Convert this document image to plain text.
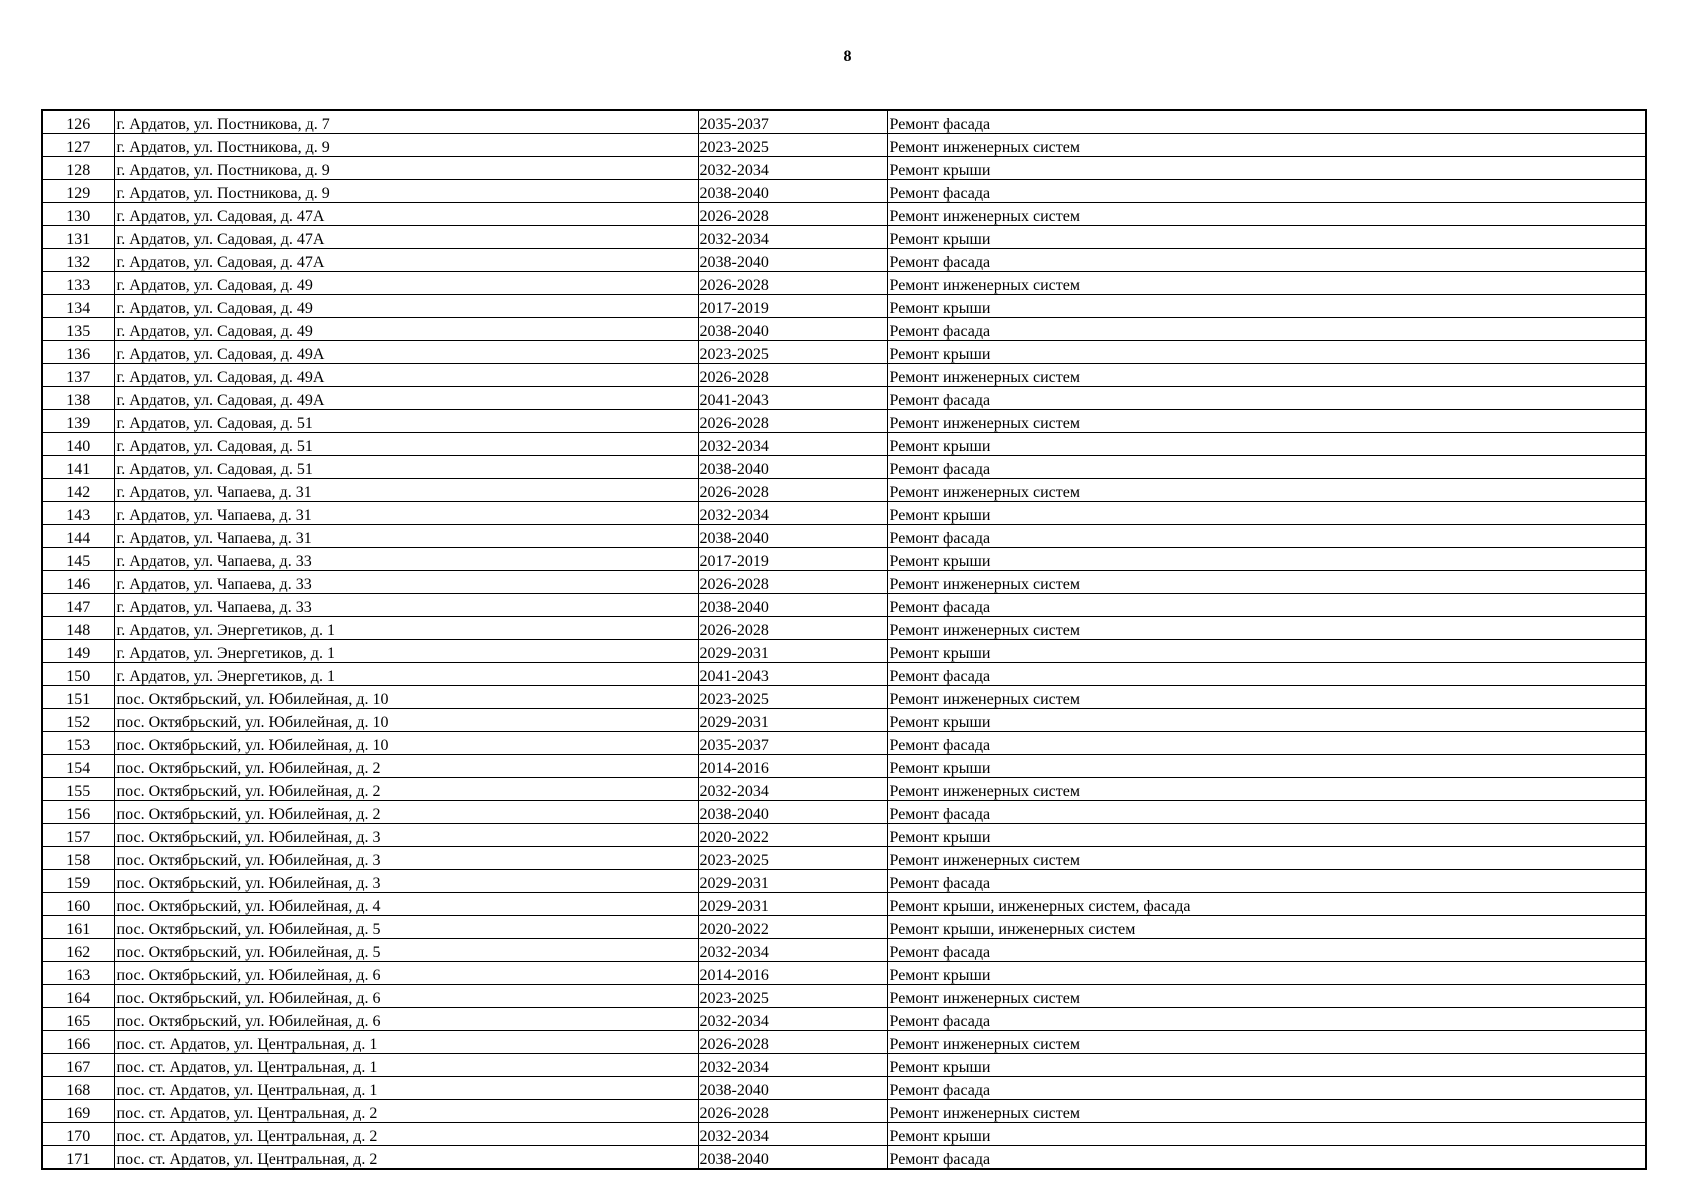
8
126	г. Ардатов, ул. Постникова, д. 7	2035-2037	Ремонт фасада
127	г. Ардатов, ул. Постникова, д. 9	2023-2025	Ремонт инженерных систем
128	г. Ардатов, ул. Постникова, д. 9	2032-2034	Ремонт крыши
129	г. Ардатов, ул. Постникова, д. 9	2038-2040	Ремонт фасада
130	г. Ардатов, ул. Садовая, д. 47А	2026-2028	Ремонт инженерных систем
131	г. Ардатов, ул. Садовая, д. 47А	2032-2034	Ремонт крыши
132	г. Ардатов, ул. Садовая, д. 47А	2038-2040	Ремонт фасада
133	г. Ардатов, ул. Садовая, д. 49	2026-2028	Ремонт инженерных систем
134	г. Ардатов, ул. Садовая, д. 49	2017-2019	Ремонт крыши
135	г. Ардатов, ул. Садовая, д. 49	2038-2040	Ремонт фасада
136	г. Ардатов, ул. Садовая, д. 49А	2023-2025	Ремонт крыши
137	г. Ардатов, ул. Садовая, д. 49А	2026-2028	Ремонт инженерных систем
138	г. Ардатов, ул. Садовая, д. 49А	2041-2043	Ремонт фасада
139	г. Ардатов, ул. Садовая, д. 51	2026-2028	Ремонт инженерных систем
140	г. Ардатов, ул. Садовая, д. 51	2032-2034	Ремонт крыши
141	г. Ардатов, ул. Садовая, д. 51	2038-2040	Ремонт фасада
142	г. Ардатов, ул. Чапаева, д. 31	2026-2028	Ремонт инженерных систем
143	г. Ардатов, ул. Чапаева, д. 31	2032-2034	Ремонт крыши
144	г. Ардатов, ул. Чапаева, д. 31	2038-2040	Ремонт фасада
145	г. Ардатов, ул. Чапаева, д. 33	2017-2019	Ремонт крыши
146	г. Ардатов, ул. Чапаева, д. 33	2026-2028	Ремонт инженерных систем
147	г. Ардатов, ул. Чапаева, д. 33	2038-2040	Ремонт фасада
148	г. Ардатов, ул. Энергетиков, д. 1	2026-2028	Ремонт инженерных систем
149	г. Ардатов, ул. Энергетиков, д. 1	2029-2031	Ремонт крыши
150	г. Ардатов, ул. Энергетиков, д. 1	2041-2043	Ремонт фасада
151	пос. Октябрьский, ул. Юбилейная, д. 10	2023-2025	Ремонт инженерных систем
152	пос. Октябрьский, ул. Юбилейная, д. 10	2029-2031	Ремонт крыши
153	пос. Октябрьский, ул. Юбилейная, д. 10	2035-2037	Ремонт фасада
154	пос. Октябрьский, ул. Юбилейная, д. 2	2014-2016	Ремонт крыши
155	пос. Октябрьский, ул. Юбилейная, д. 2	2032-2034	Ремонт инженерных систем
156	пос. Октябрьский, ул. Юбилейная, д. 2	2038-2040	Ремонт фасада
157	пос. Октябрьский, ул. Юбилейная, д. 3	2020-2022	Ремонт крыши
158	пос. Октябрьский, ул. Юбилейная, д. 3	2023-2025	Ремонт инженерных систем
159	пос. Октябрьский, ул. Юбилейная, д. 3	2029-2031	Ремонт фасада
160	пос. Октябрьский, ул. Юбилейная, д. 4	2029-2031	Ремонт крыши, инженерных систем, фасада
161	пос. Октябрьский, ул. Юбилейная, д. 5	2020-2022	Ремонт крыши, инженерных систем
162	пос. Октябрьский, ул. Юбилейная, д. 5	2032-2034	Ремонт фасада
163	пос. Октябрьский, ул. Юбилейная, д. 6	2014-2016	Ремонт крыши
164	пос. Октябрьский, ул. Юбилейная, д. 6	2023-2025	Ремонт инженерных систем
165	пос. Октябрьский, ул. Юбилейная, д. 6	2032-2034	Ремонт фасада
166	пос. ст. Ардатов, ул. Центральная, д. 1	2026-2028	Ремонт инженерных систем
167	пос. ст. Ардатов, ул. Центральная, д. 1	2032-2034	Ремонт крыши
168	пос. ст. Ардатов, ул. Центральная, д. 1	2038-2040	Ремонт фасада
169	пос. ст. Ардатов, ул. Центральная, д. 2	2026-2028	Ремонт инженерных систем
170	пос. ст. Ардатов, ул. Центральная, д. 2	2032-2034	Ремонт крыши
171	пос. ст. Ардатов, ул. Центральная, д. 2	2038-2040	Ремонт фасада
